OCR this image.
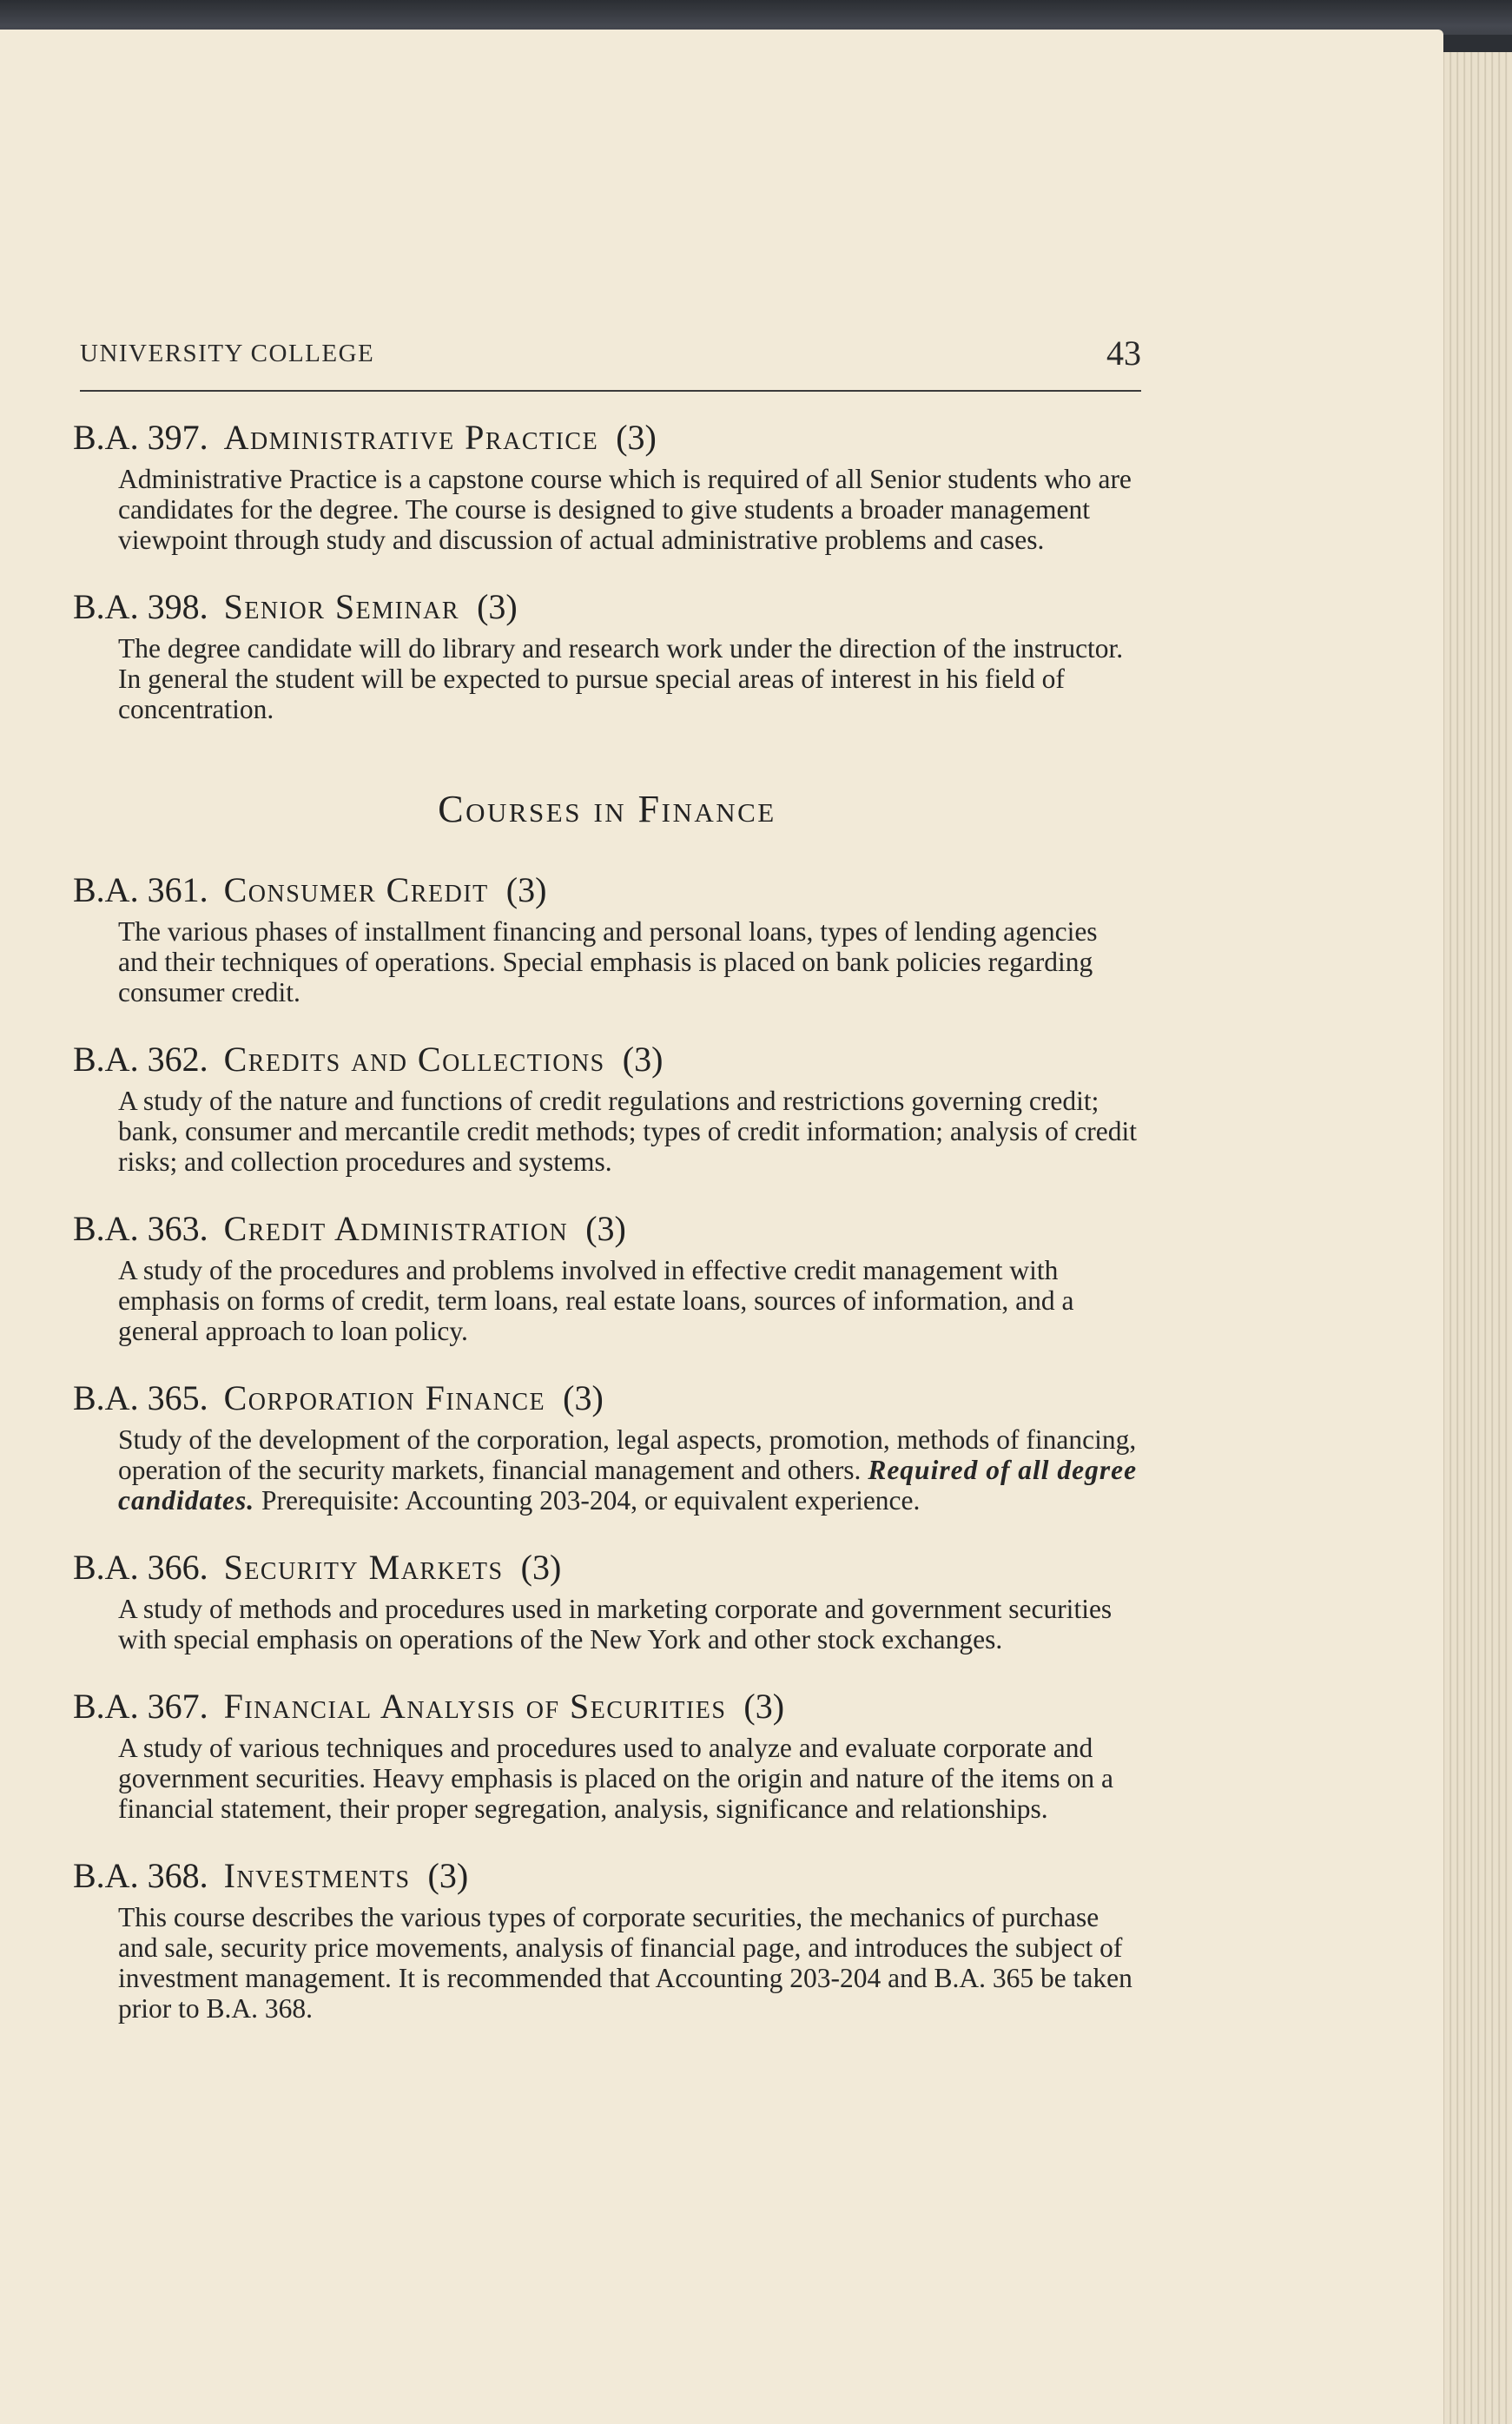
UNIVERSITY COLLEGE	43
B.A. 397. Administrative Practice (3)

Administrative Practice is a capstone course which is required of all Senior students who are candidates for the degree. The course is designed to give students a broader management viewpoint through study and discussion of actual administrative problems and cases.

B.A. 398. Senior Seminar (3)

The degree candidate will do library and research work under the direction of the instructor. In general the student will be expected to pursue special areas of interest in his field of concentration.

Courses in Finance
B.A. 361. Consumer Credit (3)

The various phases of installment financing and personal loans, types of lending agencies and their techniques of operations. Special emphasis is placed on bank policies regarding consumer credit.

B.A. 362. Credits and Collections (3)

A study of the nature and functions of credit regulations and restrictions governing credit; bank, consumer and mercantile credit methods; types of credit information; analysis of credit risks; and collection procedures and systems.

B.A. 363. Credit Administration (3)

A study of the procedures and problems involved in effective credit management with emphasis on forms of credit, term loans, real estate loans, sources of information, and a general approach to loan policy.

B.A. 365. Corporation Finance (3)

Study of the development of the corporation, legal aspects, promotion, methods of financing, operation of the security markets, financial management and others. Required of all degree candidates. Prerequisite: Accounting 203-204, or equivalent experience.

B.A. 366. Security Markets (3)

A study of methods and procedures used in marketing corporate and government securities with special emphasis on operations of the New York and other stock exchanges.

B.A. 367. Financial Analysis of Securities (3)

A study of various techniques and procedures used to analyze and evaluate corporate and government securities. Heavy emphasis is placed on the origin and nature of the items on a financial statement, their proper segregation, analysis, significance and relationships.

B.A. 368. Investments (3)

This course describes the various types of corporate securities, the mechanics of purchase and sale, security price movements, analysis of financial page, and introduces the subject of investment management. It is recommended that Accounting 203-204 and B.A. 365 be taken prior to B.A. 368.
